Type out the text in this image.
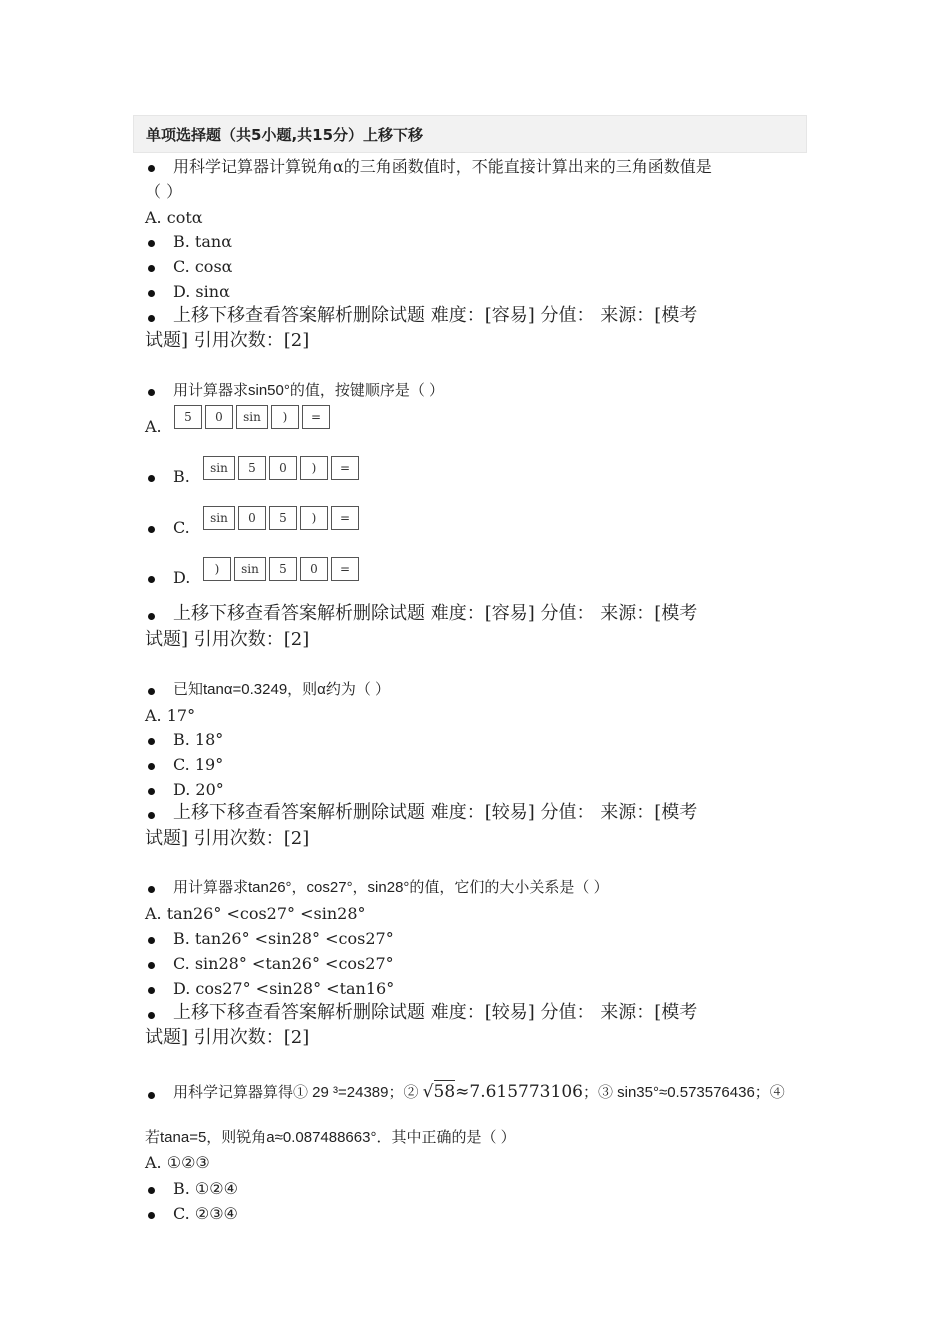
单项选择题（共5小题,共15分）上移下移
用科学记算器计算锐角α的三角函数值时，不能直接计算出来的三角函数值是
（ ）
A. cotα
B. tanα
C. cosα
D. sinα
上移下移查看答案解析删除试题 难度：[容易] 分值： 来源：[模考
试题] 引用次数：[2]
用计算器求sin50°的值，按键顺序是（ ）
A.	5	0	sin	)	=
B.	sin	5	0	)	=
C.	sin	0	5	)	=
D.	)	sin	5	0	=
上移下移查看答案解析删除试题 难度：[容易] 分值： 来源：[模考
试题] 引用次数：[2]
已知tanα=0.3249，则α约为（ ）
A. 17°
B. 18°
C. 19°
D. 20°
上移下移查看答案解析删除试题 难度：[较易] 分值： 来源：[模考
试题] 引用次数：[2]
用计算器求tan26°，cos27°，sin28°的值，它们的大小关系是（ ）
A. tan26° <cos27° <sin28°
B. tan26° <sin28° <cos27°
C. sin28° <tan26° <cos27°
D. cos27° <sin28° <tan16°
上移下移查看答案解析删除试题 难度：[较易] 分值： 来源：[模考
试题] 引用次数：[2]
用科学记算器算得① 29 ³=24389；② √58≈7.615773106；③ sin35°≈0.573576436；④
若tana=5，则锐角a≈0.087488663°．其中正确的是（ ）
A. ①②③
B. ①②④
C. ②③④
